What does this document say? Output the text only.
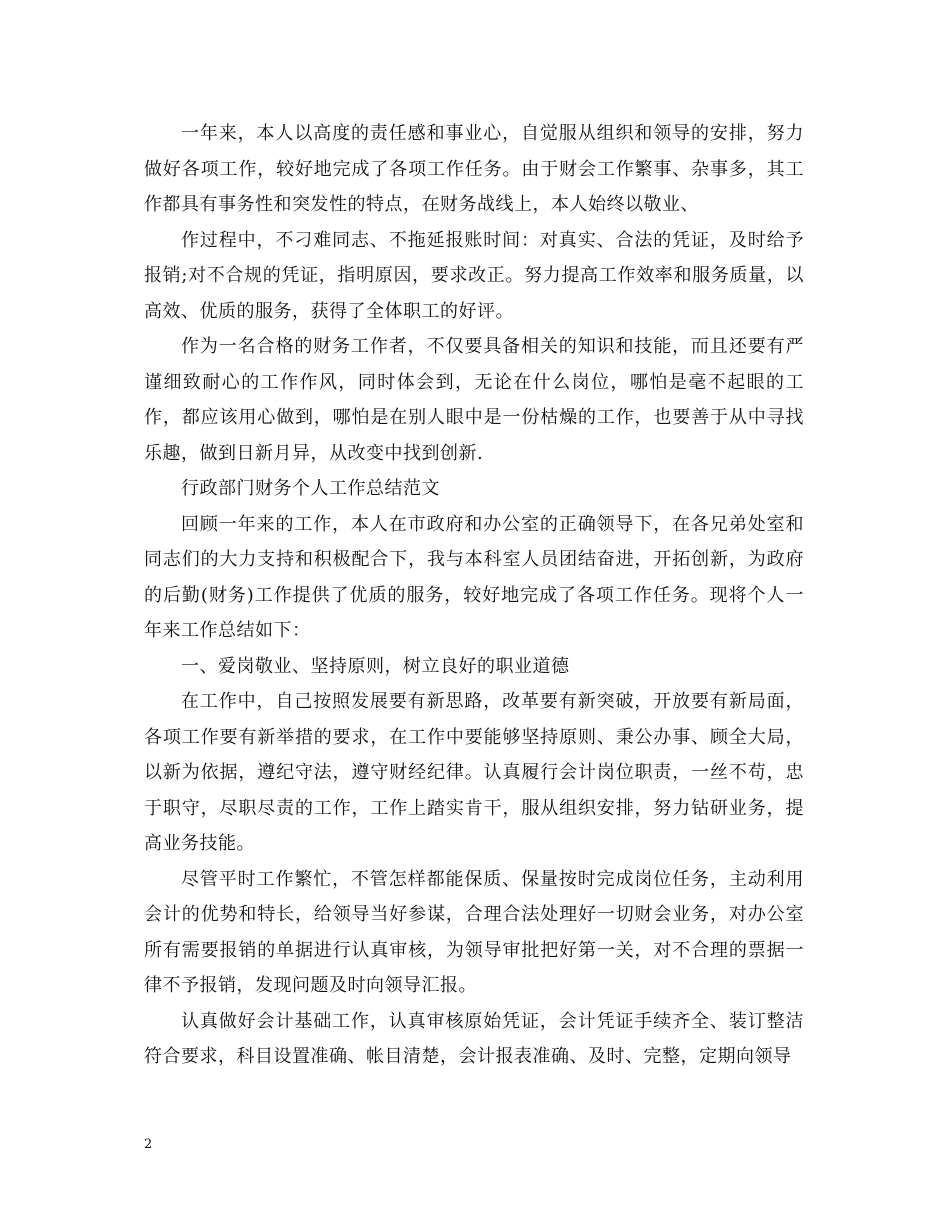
一年来，本人以高度的责任感和事业心，自觉服从组织和领导的安排，努力做好各项工作，较好地完成了各项工作任务。由于财会工作繁事、杂事多，其工作都具有事务性和突发性的特点，在财务战线上，本人始终以敬业、

作过程中，不刁难同志、不拖延报账时间：对真实、合法的凭证，及时给予报销;对不合规的凭证，指明原因，要求改正。努力提高工作效率和服务质量，以高效、优质的服务，获得了全体职工的好评。

作为一名合格的财务工作者，不仅要具备相关的知识和技能，而且还要有严谨细致耐心的工作作风，同时体会到，无论在什么岗位，哪怕是毫不起眼的工作，都应该用心做到，哪怕是在别人眼中是一份枯燥的工作，也要善于从中寻找乐趣，做到日新月异，从改变中找到创新.

行政部门财务个人工作总结范文

回顾一年来的工作，本人在市政府和办公室的正确领导下，在各兄弟处室和同志们的大力支持和积极配合下，我与本科室人员团结奋进，开拓创新，为政府的后勤(财务)工作提供了优质的服务，较好地完成了各项工作任务。现将个人一年来工作总结如下：

一、爱岗敬业、坚持原则，树立良好的职业道德

在工作中，自己按照发展要有新思路，改革要有新突破，开放要有新局面，各项工作要有新举措的要求，在工作中要能够坚持原则、秉公办事、顾全大局，以新为依据，遵纪守法，遵守财经纪律。认真履行会计岗位职责，一丝不苟，忠于职守，尽职尽责的工作，工作上踏实肯干，服从组织安排，努力钻研业务，提高业务技能。

尽管平时工作繁忙，不管怎样都能保质、保量按时完成岗位任务，主动利用会计的优势和特长，给领导当好参谋，合理合法处理好一切财会业务，对办公室所有需要报销的单据进行认真审核，为领导审批把好第一关，对不合理的票据一律不予报销，发现问题及时向领导汇报。

认真做好会计基础工作，认真审核原始凭证，会计凭证手续齐全、装订整洁符合要求，科目设置准确、帐目清楚，会计报表准确、及时、完整，定期向领导

2
